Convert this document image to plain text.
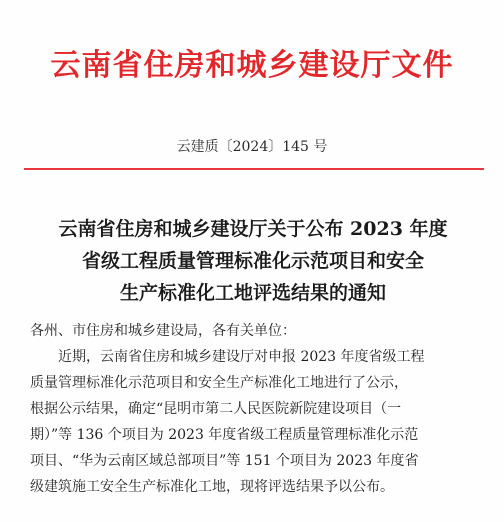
云南省住房和城乡建设厅文件
云建质〔2024〕145 号
云南省住房和城乡建设厅关于公布 2023 年度
省级工程质量管理标准化示范项目和安全
生产标准化工地评选结果的通知
各州、市住房和城乡建设局，各有关单位：
近期，云南省住房和城乡建设厅对申报 2023 年度省级工程
质量管理标准化示范项目和安全生产标准化工地进行了公示，
根据公示结果，确定“昆明市第二人民医院新院建设项目（一
期）”等 136 个项目为 2023 年度省级工程质量管理标准化示范
项目、“华为云南区域总部项目”等 151 个项目为 2023 年度省
级建筑施工安全生产标准化工地，现将评选结果予以公布。
